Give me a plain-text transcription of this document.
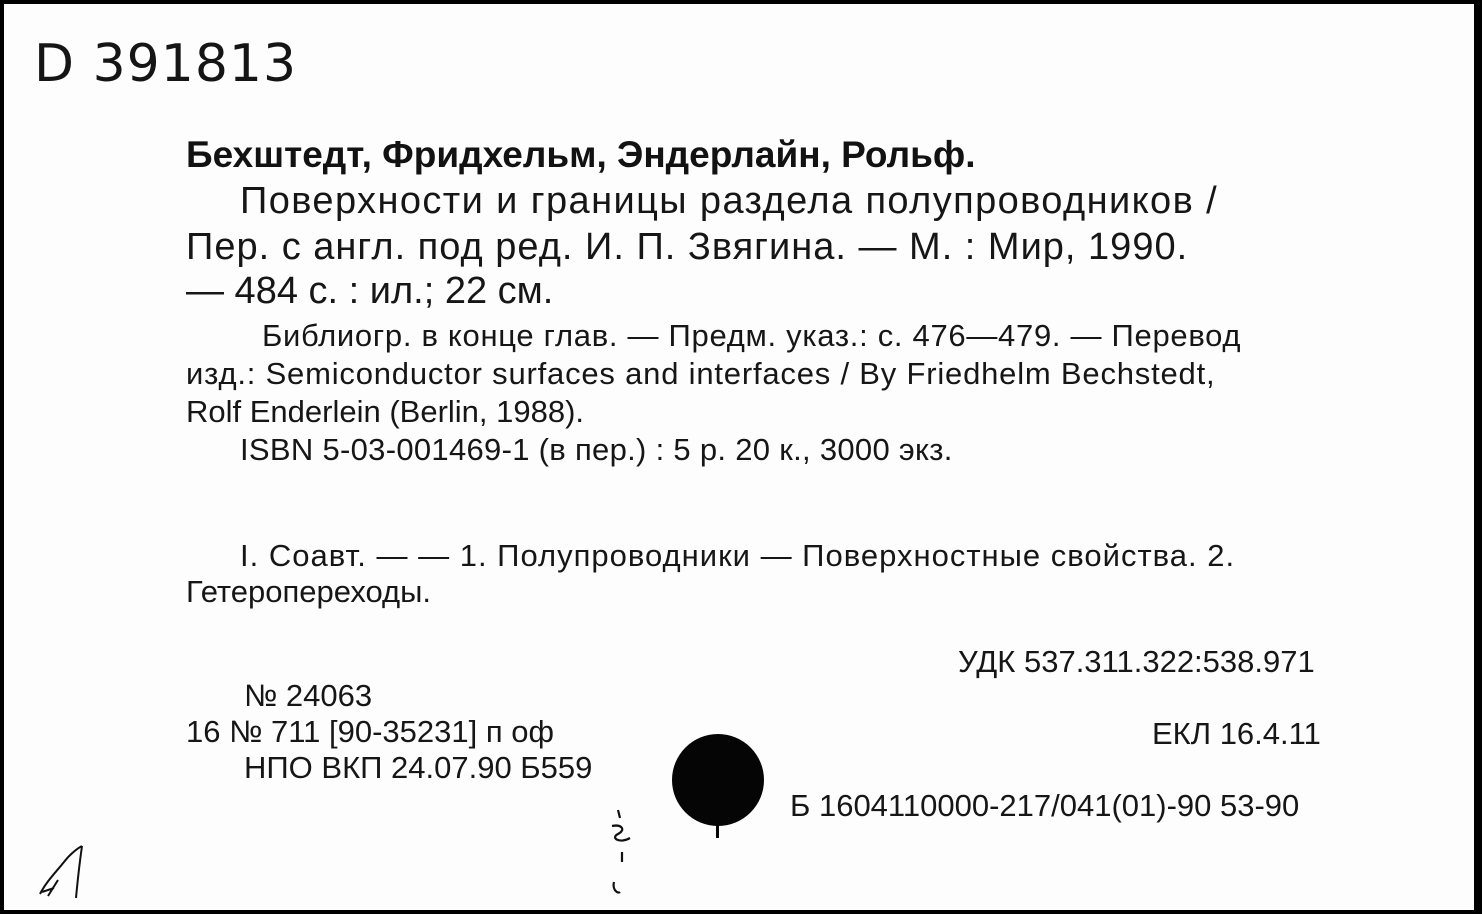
D 391813
Бехштедт, Фридхельм, Эндерлайн, Рольф.
Поверхности и границы раздела полупроводников /
Пер. с англ. под ред. И. П. Звягина. — М. : Мир, 1990.
— 484 с. : ил.; 22 см.
Библиогр. в конце глав. — Предм. указ.: с. 476—479. — Перевод
изд.: Semiconductor surfaces and interfaces / By Friedhelm Bechstedt,
Rolf Enderlein (Berlin, 1988).
ISBN 5-03-001469-1 (в пер.) : 5 р. 20 к., 3000 экз.
I. Соавт. — — 1. Полупроводники — Поверхностные свойства. 2.
Гетеропереходы.
УДК 537.311.322:538.971
№ 24063
16 № 711 [90-35231] п оф
НПО ВКП 24.07.90 Б559
ЕКЛ 16.4.11
Б 1604110000-217/041(01)-90 53-90
